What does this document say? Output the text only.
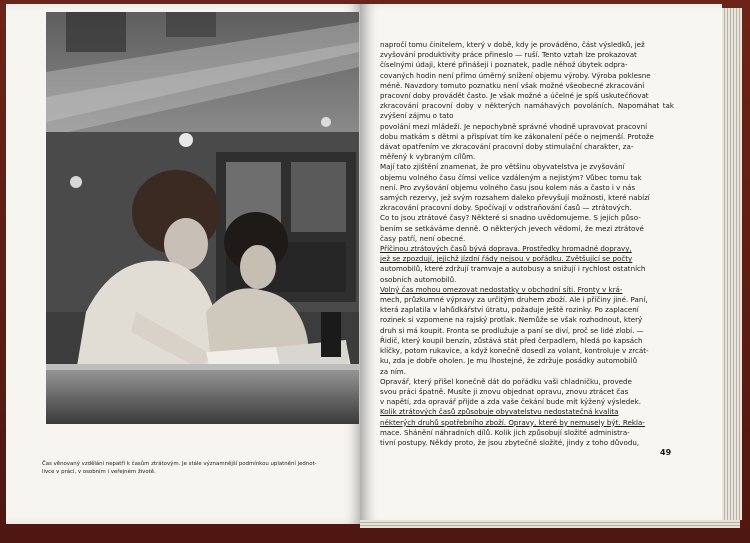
Čas věnovaný vzdělání nepatří k časům ztrátovým. Je stále významnější podmínkou uplatnění jednot-
livce v práci, v osobním i veřejném životě.

napročí tomu činitelem, který v době, kdy je prováděno, část výsledků, jež

zvyšování produktivity práce přineslo — ruší. Tento vztah lze prokazovat

číselnými údaji, které přinášejí i poznatek, padle něhož úbytek odpra-

covaných hodin není přímo úměrný snížení objemu výroby. Výroba poklesne

méně. Navzdory tomuto poznatku není však možné všeobecné zkracování

pracovní doby provádět často. Je však možné a účelné je spíš uskutečňovat

zkracování pracovní doby v některých namáhavých povoláních. Napomáhat tak zvýšení zájmu o tato

povolání mezi mládeží. Je nepochybně správné vhodně upravovat pracovní

dobu matkám s dětmi a přispívat tím ke zákonalení péče o nejmenší. Protože

dávat opatřením ve zkracování pracovní doby stimulační charakter, za-

měřený k vybraným cílům.

Mají tato zjištění znamenat, že pro většinu obyvatelstva je zvyšování

objemu volného času čímsi velice vzdáleným a nejistým? Vůbec tomu tak

není. Pro zvyšování objemu volného času jsou kolem nás a často i v nás

samých rezervy, jež svým rozsahem daleko převyšují možnosti, které nabízí

zkracování pracovní doby. Spočívají v odstraňování časů — ztrátových.

Co to jsou ztrátové časy? Některé si snadno uvědomujeme. S jejich půso-

bením se setkáváme denně. O některých jevech vědomí, že mezi ztrátové

časy patří, není obecné.

Příčinou ztrátových časů bývá doprava. Prostředky hromadné dopravy,

jež se zpozdují, jejichž jízdní řády nejsou v pořádku. Zvětšující se počty

automobilů, které zdržují tramvaje a autobusy a snižují i rychlost ostatních

osobních automobilů.

Volný čas mohou omezovat nedostatky v obchodní síti. Fronty v krá-

mech, průzkumné výpravy za určitým druhem zboží. Ale i příčiny jiné. Paní,

která zaplatila v lahůdkářství útratu, požaduje ještě rozinky. Po zaplacení

rozinek si vzpomene na rajský protlak. Nemůže se však rozhodnout, který

druh si má koupit. Fronta se prodlužuje a paní se diví, proč se lidé zlobí. —

Řidič, který koupil benzín, zůstává stát před čerpadlem, hledá po kapsách

klíčky, potom rukavice, a když konečně dosedl za volant, kontroluje v zrcát-

ku, zda je dobře oholen. Je mu lhostejné, že zdržuje posádky automobilů

za ním.

Opravář, který přišel konečně dát do pořádku vaši chladničku, provede

svou práci špatně. Musíte ji znovu objednat opravu, znovu ztrácet čas

v napětí, zda opravář přijde a zda vaše čekání bude mít kýžený výsledek.

Kolik ztrátových časů způsobuje obyvatelstvu nedostatečná kvalita

některých druhů spotřebního zboží. Opravy, které by nemusely být. Rekla-

mace. Shánění náhradních dílů. Kolik jich způsobují složité administra-

tivní postupy. Někdy proto, že jsou zbytečně složité, jindy z toho důvodu,

49
